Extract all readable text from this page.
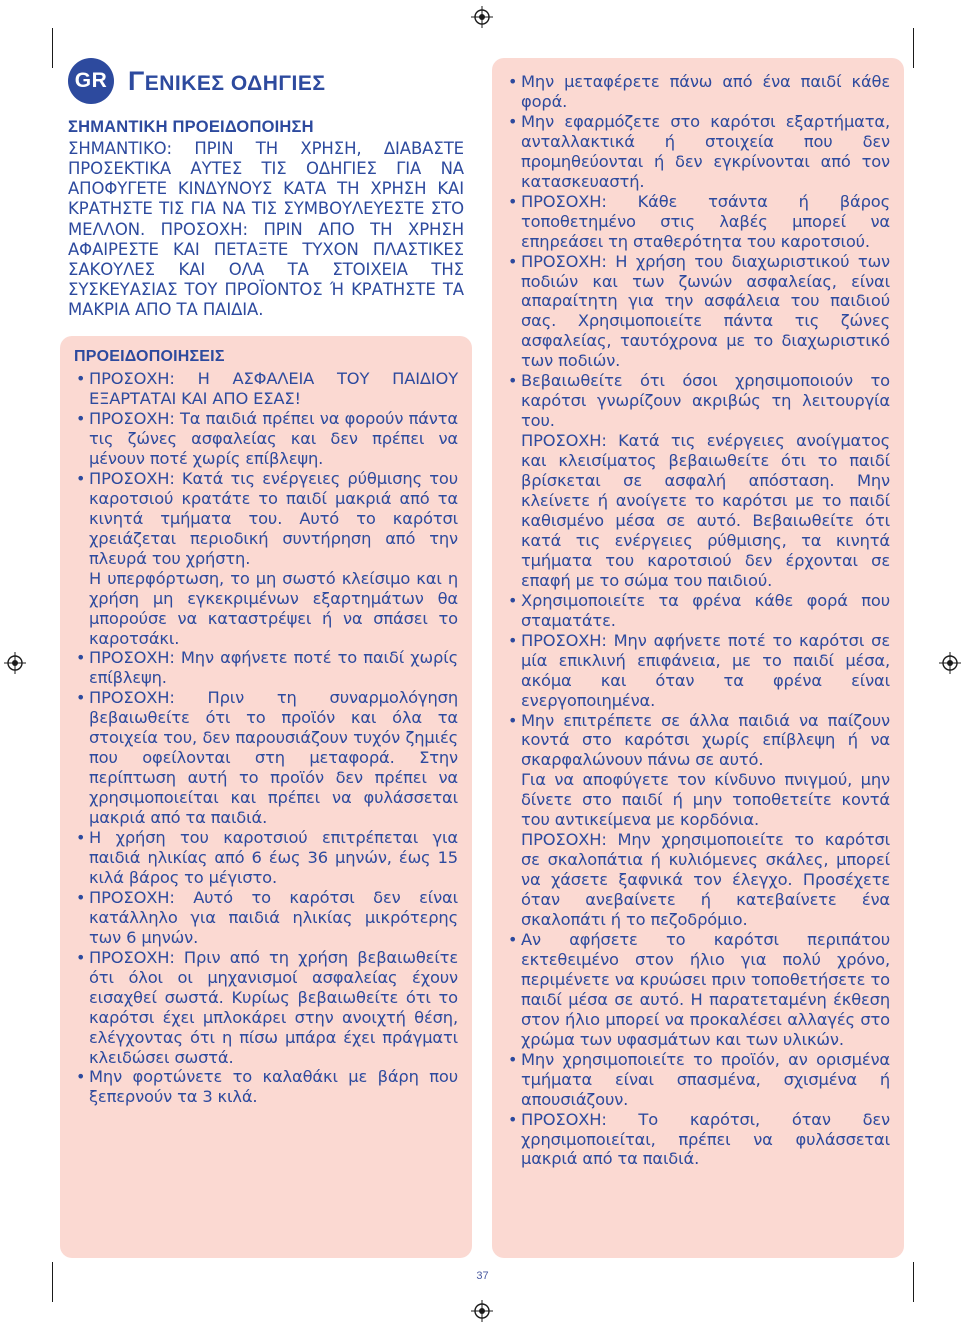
GR ΓΕΝΙΚΕΣ ΟΔΗΓΙΕΣ
ΣΗΜΑΝΤΙΚΗ ΠΡΟΕΙΔΟΠΟΙΗΣΗ

ΣΗΜΑΝΤΙΚΟ: ΠΡΙΝ ΤΗ ΧΡΗΣΗ, ΔΙΑΒΑΣΤΕ ΠΡΟΣΕΚΤΙΚΑ ΑΥΤΕΣ ΤΙΣ ΟΔΗΓΙΕΣ ΓΙΑ ΝΑ ΑΠΟΦΥΓΕΤΕ ΚΙΝΔΥΝΟΥΣ ΚΑΤΑ ΤΗ ΧΡΗΣΗ ΚΑΙ ΚΡΑΤΗΣΤΕ ΤΙΣ ΓΙΑ ΝΑ ΤΙΣ ΣΥΜΒΟΥΛΕΥΕΣΤΕ ΣΤΟ ΜΕΛΛΟΝ. ΠΡΟΣΟΧΗ: ΠΡΙΝ ΑΠΟ ΤΗ ΧΡΗΣΗ ΑΦΑΙΡΕΣΤΕ ΚΑΙ ΠΕΤΑΞΤΕ ΤΥΧΟΝ ΠΛΑΣΤΙΚΕΣ ΣΑΚΟΥΛΕΣ ΚΑΙ ΟΛΑ ΤΑ ΣΤΟΙΧΕΙΑ ΤΗΣ ΣΥΣΚΕΥΑΣΙΑΣ ΤΟΥ ΠΡΟΪΟΝΤΟΣ Ή ΚΡΑΤΗΣΤΕ ΤΑ ΜΑΚΡΙΑ ΑΠΟ ΤΑ ΠΑΙΔΙΑ.

ΠΡΟΕΙΔΟΠΟΙΗΣΕΙΣ

• ΠΡΟΣΟΧΗ: Η ΑΣΦΑΛΕΙΑ ΤΟΥ ΠΑΙΔΙΟΥ ΕΞΑΡΤΑΤΑΙ ΚΑΙ ΑΠΟ ΕΣΑΣ!

• ΠΡΟΣΟΧΗ: Τα παιδιά πρέπει να φορούν πάντα τις ζώνες ασφαλείας και δεν πρέπει να μένουν ποτέ χωρίς επίβλεψη.

• ΠΡΟΣΟΧΗ: Κατά τις ενέργειες ρύθμισης του καροτσιού κρατάτε το παιδί μακριά από τα κινητά τμήματα του. Αυτό το καρότσι χρειάζεται περιοδική συντήρηση από την πλευρά του χρήστη.

Η υπερφόρτωση, το μη σωστό κλείσιμο και η χρήση μη εγκεκριμένων εξαρτημάτων θα μπορούσε να καταστρέψει ή να σπάσει το καροτσάκι.

• ΠΡΟΣΟΧΗ: Μην αφήνετε ποτέ το παιδί χωρίς επίβλεψη.

• ΠΡΟΣΟΧΗ: Πριν τη συναρμολόγηση βεβαιωθείτε ότι το προϊόν και όλα τα στοιχεία του, δεν παρουσιάζουν τυχόν ζημιές που οφείλονται στη μεταφορά. Στην περίπτωση αυτή το προϊόν δεν πρέπει να χρησιμοποιείται και πρέπει να φυλάσσεται μακριά από τα παιδιά.

• Η χρήση του καροτσιού επιτρέπεται για παιδιά ηλικίας από 6 έως 36 μηνών, έως 15 κιλά βάρος το μέγιστο.

• ΠΡΟΣΟΧΗ: Αυτό το καρότσι δεν είναι κατάλληλο για παιδιά ηλικίας μικρότερης των 6 μηνών.

• ΠΡΟΣΟΧΗ: Πριν από τη χρήση βεβαιωθείτε ότι όλοι οι μηχανισμοί ασφαλείας έχουν εισαχθεί σωστά. Κυρίως βεβαιωθείτε ότι το καρότσι έχει μπλοκάρει στην ανοιχτή θέση, ελέγχοντας ότι η πίσω μπάρα έχει πράγματι κλειδώσει σωστά.

• Μην φορτώνετε το καλαθάκι με βάρη που ξεπερνούν τα 3 κιλά.

• Μην μεταφέρετε πάνω από ένα παιδί κάθε φορά.

• Μην εφαρμόζετε στο καρότσι εξαρτήματα, ανταλλακτικά ή στοιχεία που δεν προμηθεύονται ή δεν εγκρίνονται από τον κατασκευαστή.

• ΠΡΟΣΟΧΗ: Κάθε τσάντα ή βάρος τοποθετημένο στις λαβές μπορεί να επηρεάσει τη σταθερότητα του καροτσιού.

• ΠΡΟΣΟΧΗ: Η χρήση του διαχωριστικού των ποδιών και των ζωνών ασφαλείας, είναι απαραίτητη για την ασφάλεια του παιδιού σας. Χρησιμοποιείτε πάντα τις ζώνες ασφαλείας, ταυτόχρονα με το διαχωριστικό των ποδιών.

• Βεβαιωθείτε ότι όσοι χρησιμοποιούν το καρότσι γνωρίζουν ακριβώς τη λειτουργία του.

ΠΡΟΣΟΧΗ: Κατά τις ενέργειες ανοίγματος και κλεισίματος βεβαιωθείτε ότι το παιδί βρίσκεται σε ασφαλή απόσταση. Μην κλείνετε ή ανοίγετε το καρότσι με το παιδί καθισμένο μέσα σε αυτό. Βεβαιωθείτε ότι κατά τις ενέργειες ρύθμισης, τα κινητά τμήματα του καροτσιού δεν έρχονται σε επαφή με το σώμα του παιδιού.

• Χρησιμοποιείτε τα φρένα κάθε φορά που σταματάτε.

• ΠΡΟΣΟΧΗ: Μην αφήνετε ποτέ το καρότσι σε μία επικλινή επιφάνεια, με το παιδί μέσα, ακόμα και όταν τα φρένα είναι ενεργοποιημένα.

• Μην επιτρέπετε σε άλλα παιδιά να παίζουν κοντά στο καρότσι χωρίς επίβλεψη ή να σκαρφαλώνουν πάνω σε αυτό.

Για να αποφύγετε τον κίνδυνο πνιγμού, μην δίνετε στο παιδί ή μην τοποθετείτε κοντά του αντικείμενα με κορδόνια.

ΠΡΟΣΟΧΗ: Μην χρησιμοποιείτε το καρότσι σε σκαλοπάτια ή κυλιόμενες σκάλες, μπορεί να χάσετε ξαφνικά τον έλεγχο. Προσέχετε όταν ανεβαίνετε ή κατεβαίνετε ένα σκαλοπάτι ή το πεζοδρόμιο.

• Αν αφήσετε το καρότσι περιπάτου εκτεθειμένο στον ήλιο για πολύ χρόνο, περιμένετε να κρυώσει πριν τοποθετήσετε το παιδί μέσα σε αυτό. Η παρατεταμένη έκθεση στον ήλιο μπορεί να προκαλέσει αλλαγές στο χρώμα των υφασμάτων και των υλικών.

• Μην χρησιμοποιείτε το προϊόν, αν ορισμένα τμήματα είναι σπασμένα, σχισμένα ή απουσιάζουν.

• ΠΡΟΣΟΧΗ: Το καρότσι, όταν δεν χρησιμοποιείται, πρέπει να φυλάσσεται μακριά από τα παιδιά.

37
